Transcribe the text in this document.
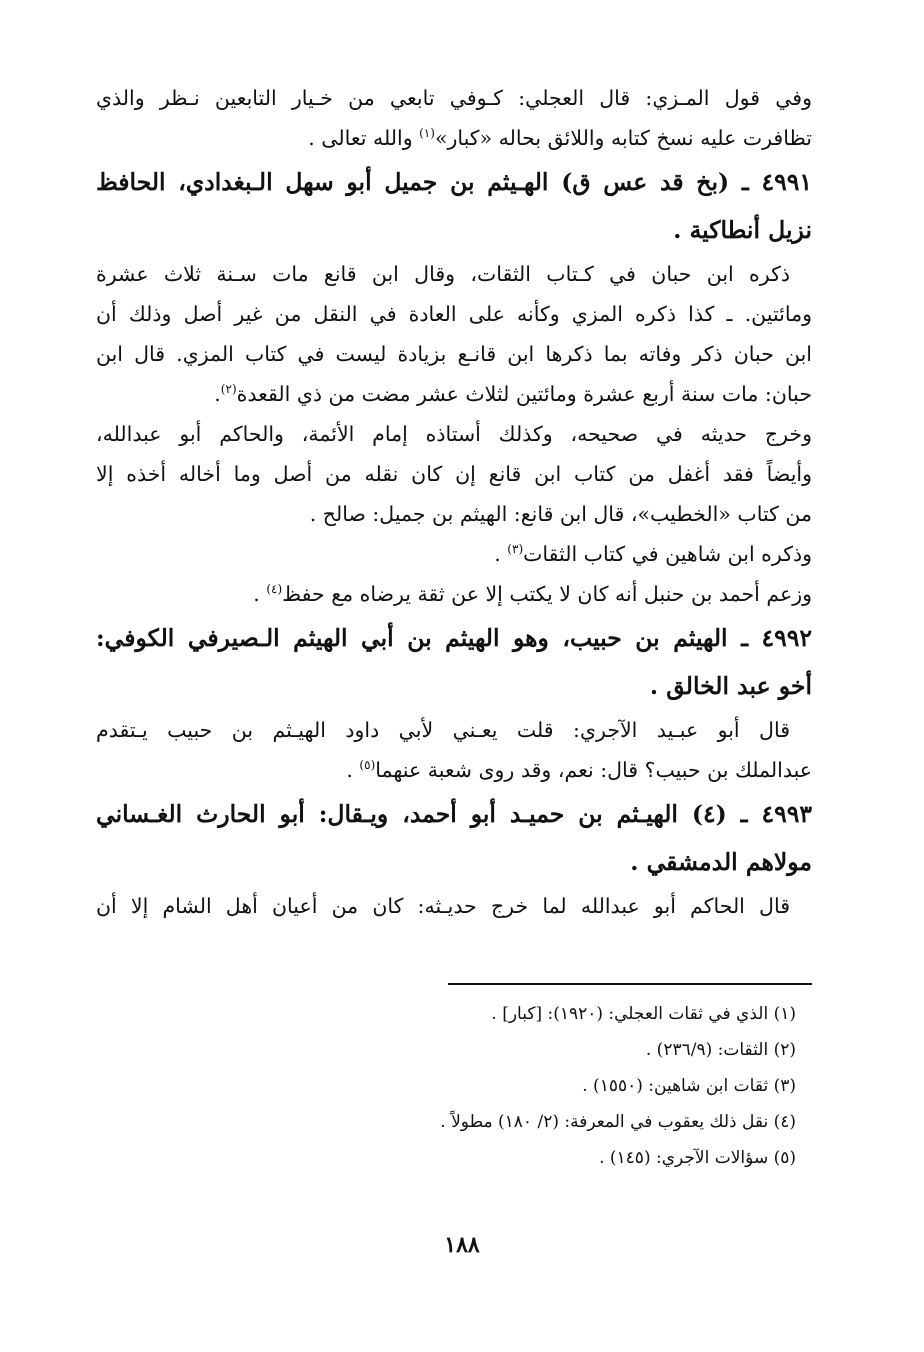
وفي قول المـزي: قال العجلي: كـوفي تابعي من خـيار التابعين نـظر والذي
تظافرت عليه نسخ كتابه واللائق بحاله «كبار»$^{(١)}$ والله تعالى .
٤٩٩١ ـ (بخ قد عس ق) الهـيثم بن جميل أبو سهل الـبغدادي، الحافظ
نزيل أنطاكية .
ذكره ابن حبان في كـتاب الثقات، وقال ابن قانع مات سـنة ثلاث عشرة
ومائتين. ـ كذا ذكره المزي وكأنه على العادة في النقل من غير أصل وذلك أن
ابن حبان ذكر وفاته بما ذكرها ابن قانـع بزيادة ليست في كتاب المزي. قال ابن
حبان: مات سنة أربع عشرة ومائتين لثلاث عشر مضت من ذي القعدة$^{(٢)}$.
وخرج حديثه في صحيحه، وكذلك أستاذه إمام الأئمة، والحاكم أبو عبدالله،
وأيضاً فقد أغفل من كتاب ابن قانع إن كان نقله من أصل وما أخاله أخذه إلا
من كتاب «الخطيب»، قال ابن قانع: الهيثم بن جميل: صالح .
وذكره ابن شاهين في كتاب الثقات$^{(٣)}$ .
وزعم أحمد بن حنبل أنه كان لا يكتب إلا عن ثقة يرضاه مع حفظ$^{(٤)}$ .
٤٩٩٢ ـ الهيثم بن حبيب، وهو الهيثم بن أبي الهيثم الـصيرفي الكوفي:
أخو عبد الخالق .
قال أبو عبـيد الآجري: قلت يعـني لأبي داود الهيـثم بن حبيب يـتقدم
عبدالملك بن حبيب؟ قال: نعم، وقد روى شعبة عنهما$^{(٥)}$ .
٤٩٩٣ ـ (٤) الهيـثم بن حميـد أبو أحمد، ويـقال: أبو الحارث الغـساني
مولاهم الدمشقي .
قال الحاكم أبو عبدالله لما خرج حديـثه: كان من أعيان أهل الشام إلا أن
(١) الذي في ثقات العجلي: (١٩٢٠): [كبار] .
(٢) الثقات: (٢٣٦/٩) .
(٣) ثقات ابن شاهين: (١٥٥٠) .
(٤) نقل ذلك يعقوب في المعرفة: (٢/ ١٨٠) مطولاً .
(٥) سؤالات الآجري: (١٤٥) .
١٨٨
